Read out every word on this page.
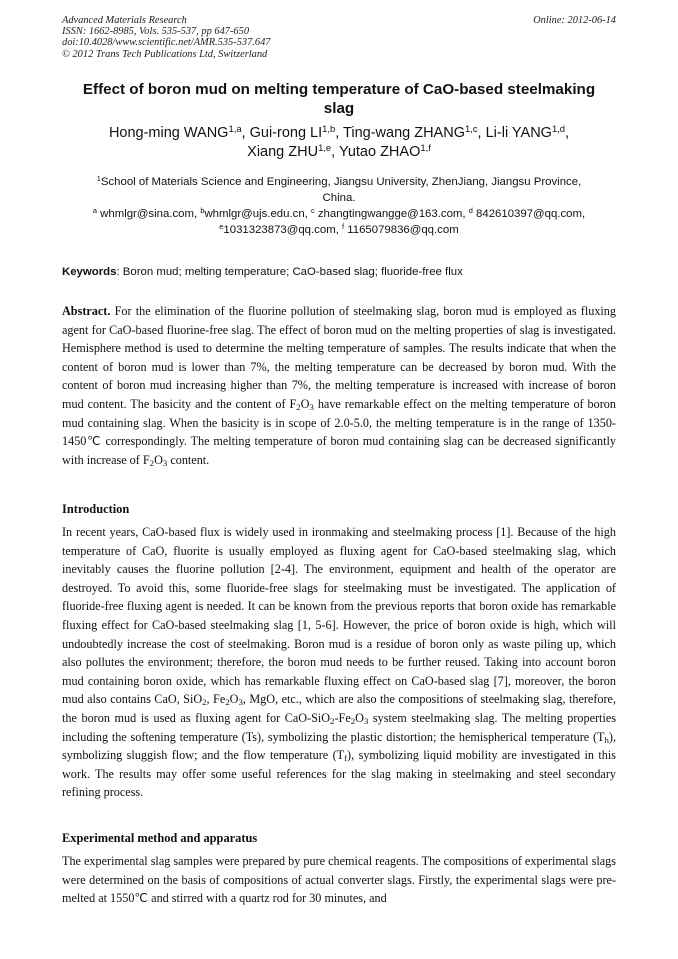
Advanced Materials Research
ISSN: 1662-8985, Vols. 535-537, pp 647-650
doi:10.4028/www.scientific.net/AMR.535-537.647
© 2012 Trans Tech Publications Ltd, Switzerland
Online: 2012-06-14
Effect of boron mud on melting temperature of CaO-based steelmaking
slag
Hong-ming WANG$^{1,a}$, Gui-rong LI$^{1,b}$, Ting-wang ZHANG$^{1,c}$, Li-li YANG$^{1,d}$,
Xiang ZHU$^{1,e}$, Yutao ZHAO$^{1,f}$
$^1$School of Materials Science and Engineering, Jiangsu University, ZhenJiang, Jiangsu Province,
China.
$^a$ whmlgr@sina.com, $^b$whmlgr@ujs.edu.cn, $^c$ zhangtingwangge@163.com, $^d$ 842610397@qq.com,
$^e$1031323873@qq.com, $^f$ 1165079836@qq.com
Keywords: Boron mud; melting temperature; CaO-based slag; fluoride-free flux
Abstract. For the elimination of the fluorine pollution of steelmaking slag, boron mud is employed as fluxing agent for CaO-based fluorine-free slag. The effect of boron mud on the melting properties of slag is investigated. Hemisphere method is used to determine the melting temperature of samples. The results indicate that when the content of boron mud is lower than 7%, the melting temperature can be decreased by boron mud. With the content of boron mud increasing higher than 7%, the melting temperature is increased with increase of boron mud content. The basicity and the content of $F_2O_3$ have remarkable effect on the melting temperature of boron mud containing slag. When the basicity is in scope of 2.0-5.0, the melting temperature is in the range of 1350-1450℃ correspondingly. The melting temperature of boron mud containing slag can be decreased significantly with increase of $F_2O_3$ content.
Introduction
In recent years, CaO-based flux is widely used in ironmaking and steelmaking process [1]. Because of the high temperature of CaO, fluorite is usually employed as fluxing agent for CaO-based steelmaking slag, which inevitably causes the fluorine pollution [2-4]. The environment, equipment and health of the operator are destroyed. To avoid this, some fluoride-free slags for steelmaking must be investigated. The application of fluoride-free fluxing agent is needed. It can be known from the previous reports that boron oxide has remarkable fluxing effect for CaO-based steelmaking slag [1, 5-6]. However, the price of boron oxide is high, which will undoubtedly increase the cost of steelmaking. Boron mud is a residue of boron only as waste piling up, which also pollutes the environment; therefore, the boron mud needs to be further reused. Taking into account boron mud containing boron oxide, which has remarkable fluxing effect on CaO-based slag [7], moreover, the boron mud also contains CaO, SiO$_2$, $Fe_2O_3$, MgO, etc., which are also the compositions of steelmaking slag, therefore, the boron mud is used as fluxing agent for CaO-$SiO_2-Fe_2O_3$ system steelmaking slag. The melting properties including the softening temperature (Ts), symbolizing the plastic distortion; the hemispherical temperature $(T_h)$, symbolizing sluggish flow; and the flow temperature $(T_f)$, symbolizing liquid mobility are investigated in this work. The results may offer some useful references for the slag making in steelmaking and steel secondary refining process.
Experimental method and apparatus
The experimental slag samples were prepared by pure chemical reagents. The compositions of experimental slags were determined on the basis of compositions of actual converter slags. Firstly, the experimental slags were pre-melted at 1550℃ and stirred with a quartz rod for 30 minutes, and
